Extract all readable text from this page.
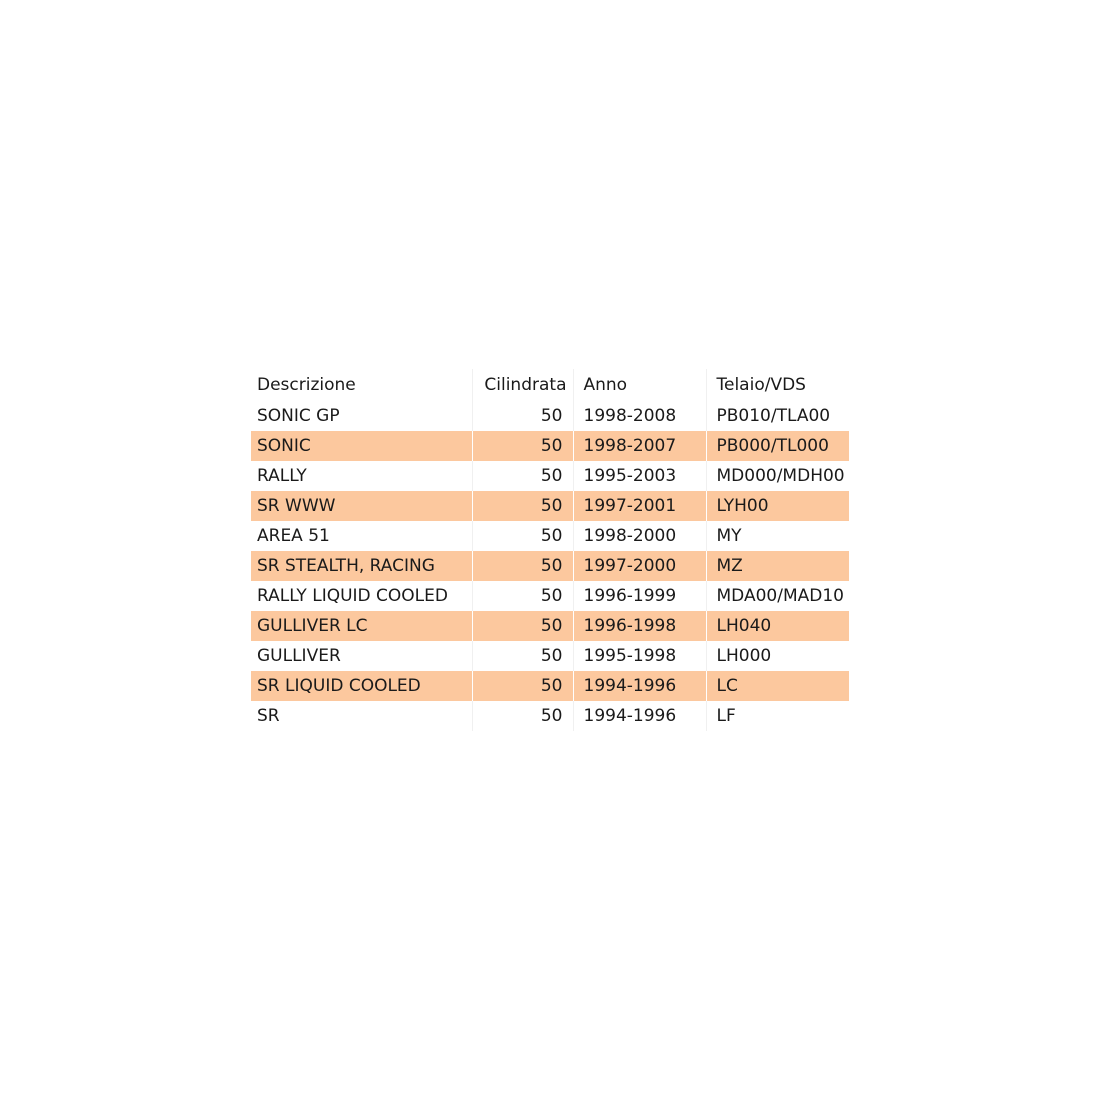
Descrizione	Cilindrata	Anno	Telaio/VDS
SONIC GP	50	1998-2008	PB010/TLA00
SONIC	50	1998-2007	PB000/TL000
RALLY	50	1995-2003	MD000/MDH00
SR WWW	50	1997-2001	LYH00
AREA 51	50	1998-2000	MY
SR STEALTH, RACING	50	1997-2000	MZ
RALLY LIQUID COOLED	50	1996-1999	MDA00/MAD10
GULLIVER LC	50	1996-1998	LH040
GULLIVER	50	1995-1998	LH000
SR LIQUID COOLED	50	1994-1996	LC
SR	50	1994-1996	LF
